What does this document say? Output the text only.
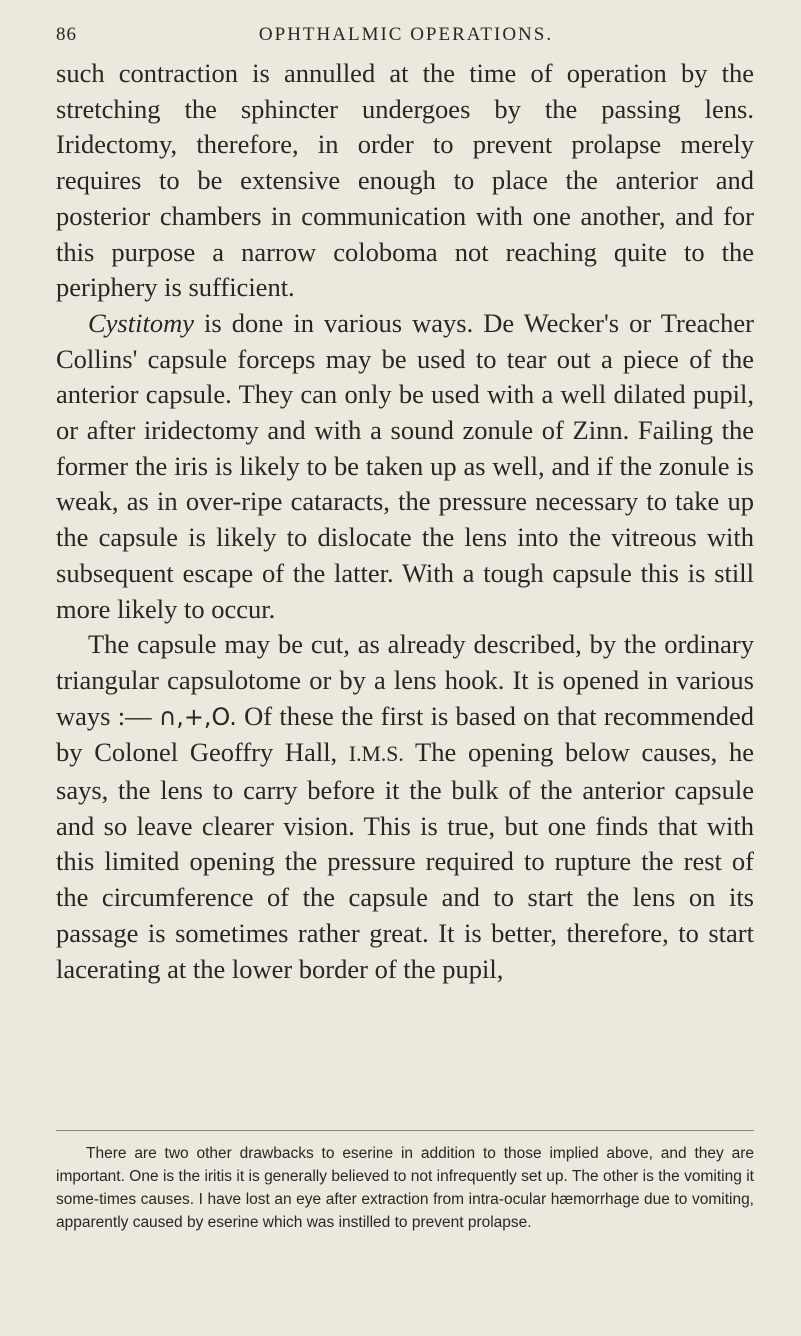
86	OPHTHALMIC OPERATIONS.

such contraction is annulled at the time of operation by the stretching the sphincter undergoes by the passing lens. Iridectomy, therefore, in order to prevent prolapse merely requires to be extensive enough to place the anterior and posterior chambers in communication with one another, and for this purpose a narrow coloboma not reaching quite to the periphery is sufficient.

Cystitomy is done in various ways. De Wecker's or Treacher Collins' capsule forceps may be used to tear out a piece of the anterior capsule. They can only be used with a well dilated pupil, or after iridectomy and with a sound zonule of Zinn. Failing the former the iris is likely to be taken up as well, and if the zonule is weak, as in over-ripe cataracts, the pressure necessary to take up the capsule is likely to dislocate the lens into the vitreous with subsequent escape of the latter. With a tough capsule this is still more likely to occur.

The capsule may be cut, as already described, by the ordinary triangular capsulotome or by a lens hook. It is opened in various ways :— ∩,+,O. Of these the first is based on that recommended by Colonel Geoffry Hall, I.M.S. The opening below causes, he says, the lens to carry before it the bulk of the anterior capsule and so leave clearer vision. This is true, but one finds that with this limited opening the pressure required to rupture the rest of the circumference of the capsule and to start the lens on its passage is sometimes rather great. It is better, therefore, to start lacerating at the lower border of the pupil,

There are two other drawbacks to eserine in addition to those implied above, and they are important. One is the iritis it is generally believed to not infrequently set up. The other is the vomiting it some-times causes. I have lost an eye after extraction from intra-ocular hæmorrhage due to vomiting, apparently caused by eserine which was instilled to prevent prolapse.
